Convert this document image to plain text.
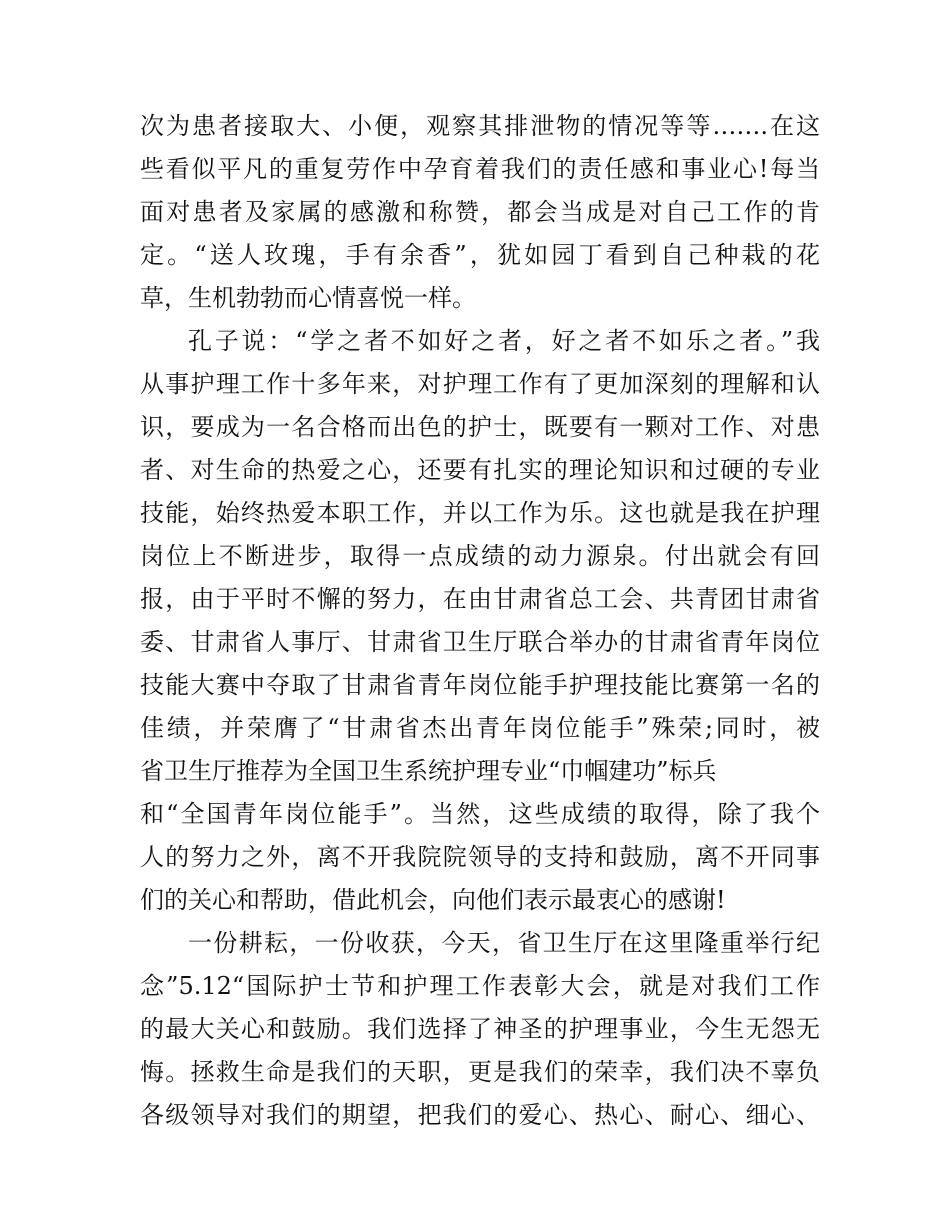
次为患者接取大、小便，观察其排泄物的情况等等…….在这
些看似平凡的重复劳作中孕育着我们的责任感和事业心!每当
面对患者及家属的感激和称赞，都会当成是对自己工作的肯
定。“送人玫瑰，手有余香”，犹如园丁看到自己种栽的花
草，生机勃勃而心情喜悦一样。
孔子说：“学之者不如好之者，好之者不如乐之者。”我
从事护理工作十多年来，对护理工作有了更加深刻的理解和认
识，要成为一名合格而出色的护士，既要有一颗对工作、对患
者、对生命的热爱之心，还要有扎实的理论知识和过硬的专业
技能，始终热爱本职工作，并以工作为乐。这也就是我在护理
岗位上不断进步，取得一点成绩的动力源泉。付出就会有回
报，由于平时不懈的努力，在由甘肃省总工会、共青团甘肃省
委、甘肃省人事厅、甘肃省卫生厅联合举办的甘肃省青年岗位
技能大赛中夺取了甘肃省青年岗位能手护理技能比赛第一名的
佳绩，并荣膺了“甘肃省杰出青年岗位能手”殊荣;同时，被
省卫生厅推荐为全国卫生系统护理专业“巾帼建功”标兵
和“全国青年岗位能手”。当然，这些成绩的取得，除了我个
人的努力之外，离不开我院院领导的支持和鼓励，离不开同事
们的关心和帮助，借此机会，向他们表示最衷心的感谢!
一份耕耘，一份收获，今天，省卫生厅在这里隆重举行纪
念”5.12“国际护士节和护理工作表彰大会，就是对我们工作
的最大关心和鼓励。我们选择了神圣的护理事业，今生无怨无
悔。拯救生命是我们的天职，更是我们的荣幸，我们决不辜负
各级领导对我们的期望，把我们的爱心、热心、耐心、细心、
